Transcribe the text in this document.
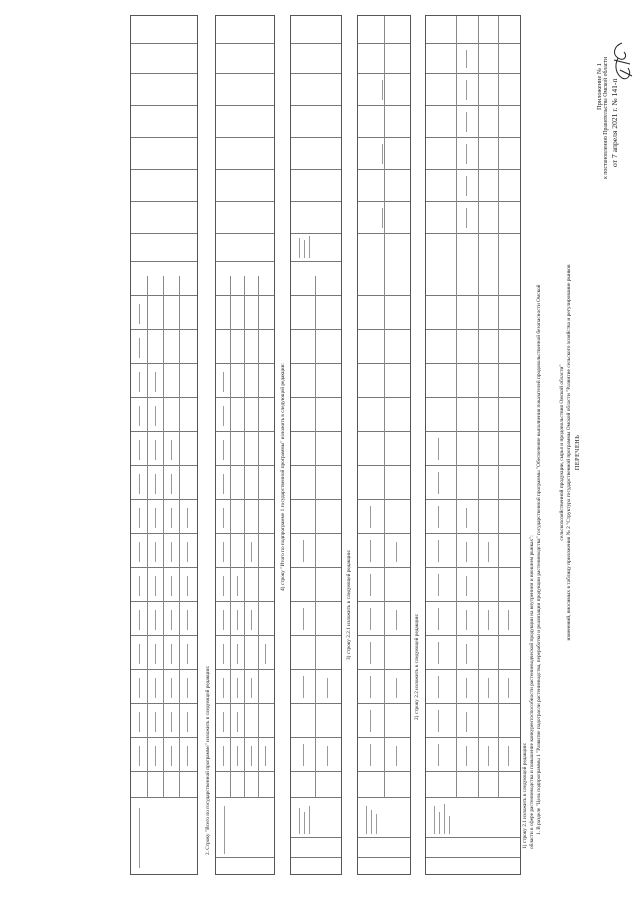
Приложение № 1 к постановлению Правительства Омской области от 7 апреля 2021 г. № 141-п
ПЕРЕЧЕНЬ
изменений, вносимых в таблицу приложения № 2 "Структура государственной программы Омской области "Развитие сельского хозяйства и регулирование рынков
сельскохозяйственной продукции, сырья и продовольствия Омской области"
1. В разделе "Цель подпрограммы 1 "Развитие подотрасли растениеводства, переработки и реализации продукции растениеводства" государственной программы "Обеспечение выполнения показателей продовольственной безопасности Омской
области в сфере растениеводства и повышение конкурентоспособности растениеводческой продукции на внутреннем и внешнем рынках":
1) строку 2.1 изложить в следующей редакции:
2) строку 2.2 изложить в следующей редакции:
3) строку 2.2.1 изложить в следующей редакции:
4) строку "Итого по подпрограмме 1 государственной программы" изложить в следующей редакции:
2. Строку "Всего по государственной программе" изложить в следующей редакции:
